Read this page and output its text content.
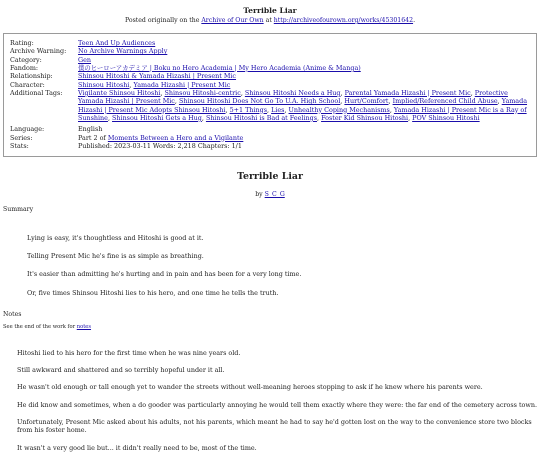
Terrible Liar
Posted originally on the Archive of Our Own at http://archiveofourown.org/works/45301642.
Rating:	Teen And Up Audiences
Archive Warning:	No Archive Warnings Apply
Category:	Gen
Fandom:	僕のヒーローアカデミア | Boku no Hero Academia | My Hero Academia (Anime & Manga)
Relationship:	Shinsou Hitoshi & Yamada Hizashi | Present Mic
Character:	Shinsou Hitoshi, Yamada Hizashi | Present Mic
Additional Tags:	Vigilante Shinsou Hitoshi, Shinsou Hitoshi-centric, Shinsou Hitoshi Needs a Hug, Parental Yamada Hizashi | Present Mic, Protective Yamada Hizashi | Present Mic, Shinsou Hitoshi Does Not Go To U.A. High School, Hurt/Comfort, Implied/Referenced Child Abuse, Yamada Hizashi | Present Mic Adopts Shinsou Hitoshi, 5+1 Things, Lies, Unhealthy Coping Mechanisms, Yamada Hizashi | Present Mic is a Ray of Sunshine, Shinsou Hitoshi Gets a Hug, Shinsou Hitoshi is Bad at Feelings, Foster Kid Shinsou Hitoshi, POV Shinsou Hitoshi
Language:	English
Series:	Part 2 of Moments Between a Hero and a Vigilante
Stats:	Published: 2023-03-11 Words: 2,218 Chapters: 1/1
Terrible Liar
by S_C_G
Summary

Lying is easy, it's thoughtless and Hitoshi is good at it.

Telling Present Mic he's fine is as simple as breathing.

It's easier than admitting he's hurting and in pain and has been for a very long time.

Or, five times Shinsou Hitoshi lies to his hero, and one time he tells the truth.

Notes
See the end of the work for notes

Hitoshi lied to his hero for the first time when he was nine years old.

Still awkward and shattered and so terribly hopeful under it all.

He wasn't old enough or tall enough yet to wander the streets without well-meaning heroes stopping to ask if he knew where his parents were.

He did know and sometimes, when a do gooder was particularly annoying he would tell them exactly where they were: the far end of the cemetery across town.

Unfortunately, Present Mic asked about his adults, not his parents, which meant he had to say he'd gotten lost on the way to the convenience store two blocks from his foster home.

It wasn't a very good lie but... it didn't really need to be, most of the time.
